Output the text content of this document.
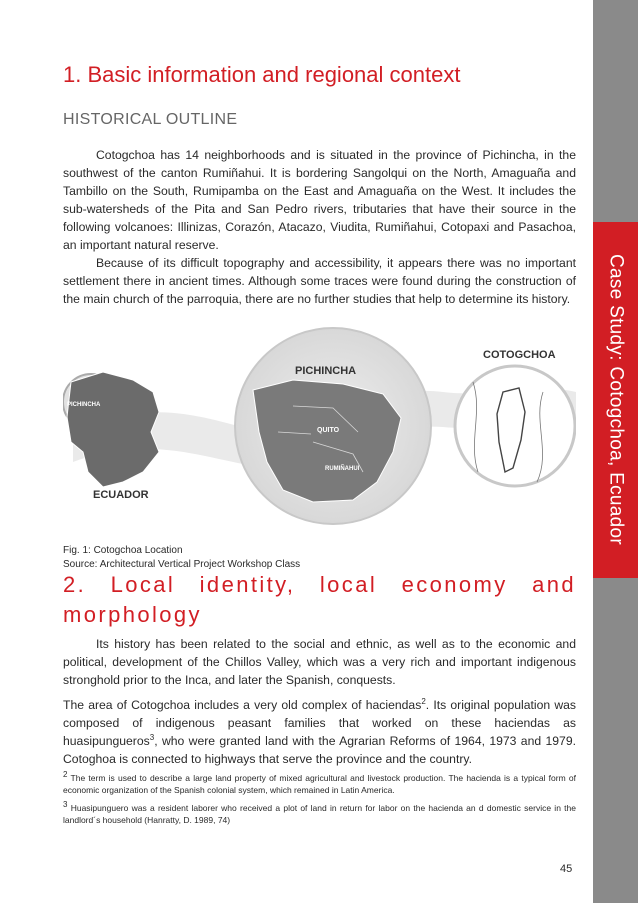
Case Study: Cotogchoa, Ecuador
1. Basic information and regional context
HISTORICAL OUTLINE

Cotogchoa has 14 neighborhoods and is situated in the province of Pichincha, in the southwest of the canton Rumiñahui. It is bordering Sangolqui on the North, Amaguaña and Tambillo on the South, Rumipamba on the East and Amaguaña on the West. It includes the sub-watersheds of the Pita and San Pedro rivers, tributaries that have their source in the following volcanoes: Illinizas, Corazón, Atacazo, Viudita, Rumiñahui, Cotopaxi and Pasachoa, an important natural reserve.

Because of its difficult topography and accessibility, it appears there was no important settlement there in ancient times. Although some traces were found during the construction of the main church of the parroquia, there are no further studies that help to determine its history.

ECUADOR
PICHINCHA
PICHINCHA
QUITO
RUMIÑAHUI
COTOGCHOA
Fig. 1: Cotogchoa Location
Source: Architectural Vertical Project Workshop Class
2. Local identity, local economy and morphology

Its history has been related to the social and ethnic, as well as to the economic and political, development of the Chillos Valley, which was a very rich and important indigenous stronghold prior to the Inca, and later the Spanish, conquests.

The area of Cotogchoa includes a very old complex of haciendas$^2$. Its original population was composed of indigenous peasant families that worked on these haciendas as huasipungueros$^3$, who were granted land with the Agrarian Reforms of 1964, 1973 and 1979. Cotoghoa is connected to highways that serve the province and the country.

$^2$ The term is used to describe a large land property of mixed agricultural and livestock production. The hacienda is a typical form of economic organization of the Spanish colonial system, which remained in Latin America.

$^3$ Huasipunguero was a resident laborer who received a plot of land in return for labor on the hacienda an d domestic service in the landlord´s household (Hanratty, D. 1989, 74)

45
